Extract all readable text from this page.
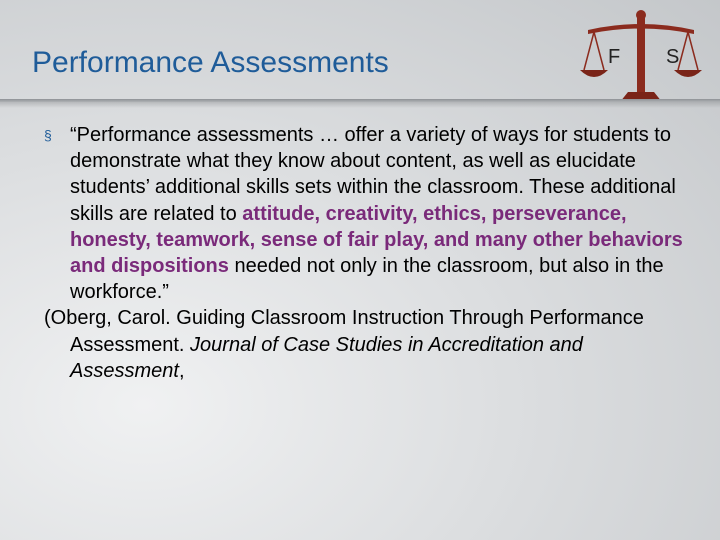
Performance Assessments	F S
§ “Performance assessments … offer a variety of ways for students to demonstrate what they know about content, as well as elucidate students’ additional skills sets within the classroom. These additional skills are related to attitude, creativity, ethics, perseverance, honesty, teamwork, sense of fair play, and many other behaviors and dispositions needed not only in the classroom, but also in the workforce.”
(Oberg, Carol. Guiding Classroom Instruction Through Performance Assessment. Journal of Case Studies in Accreditation and Assessment,
